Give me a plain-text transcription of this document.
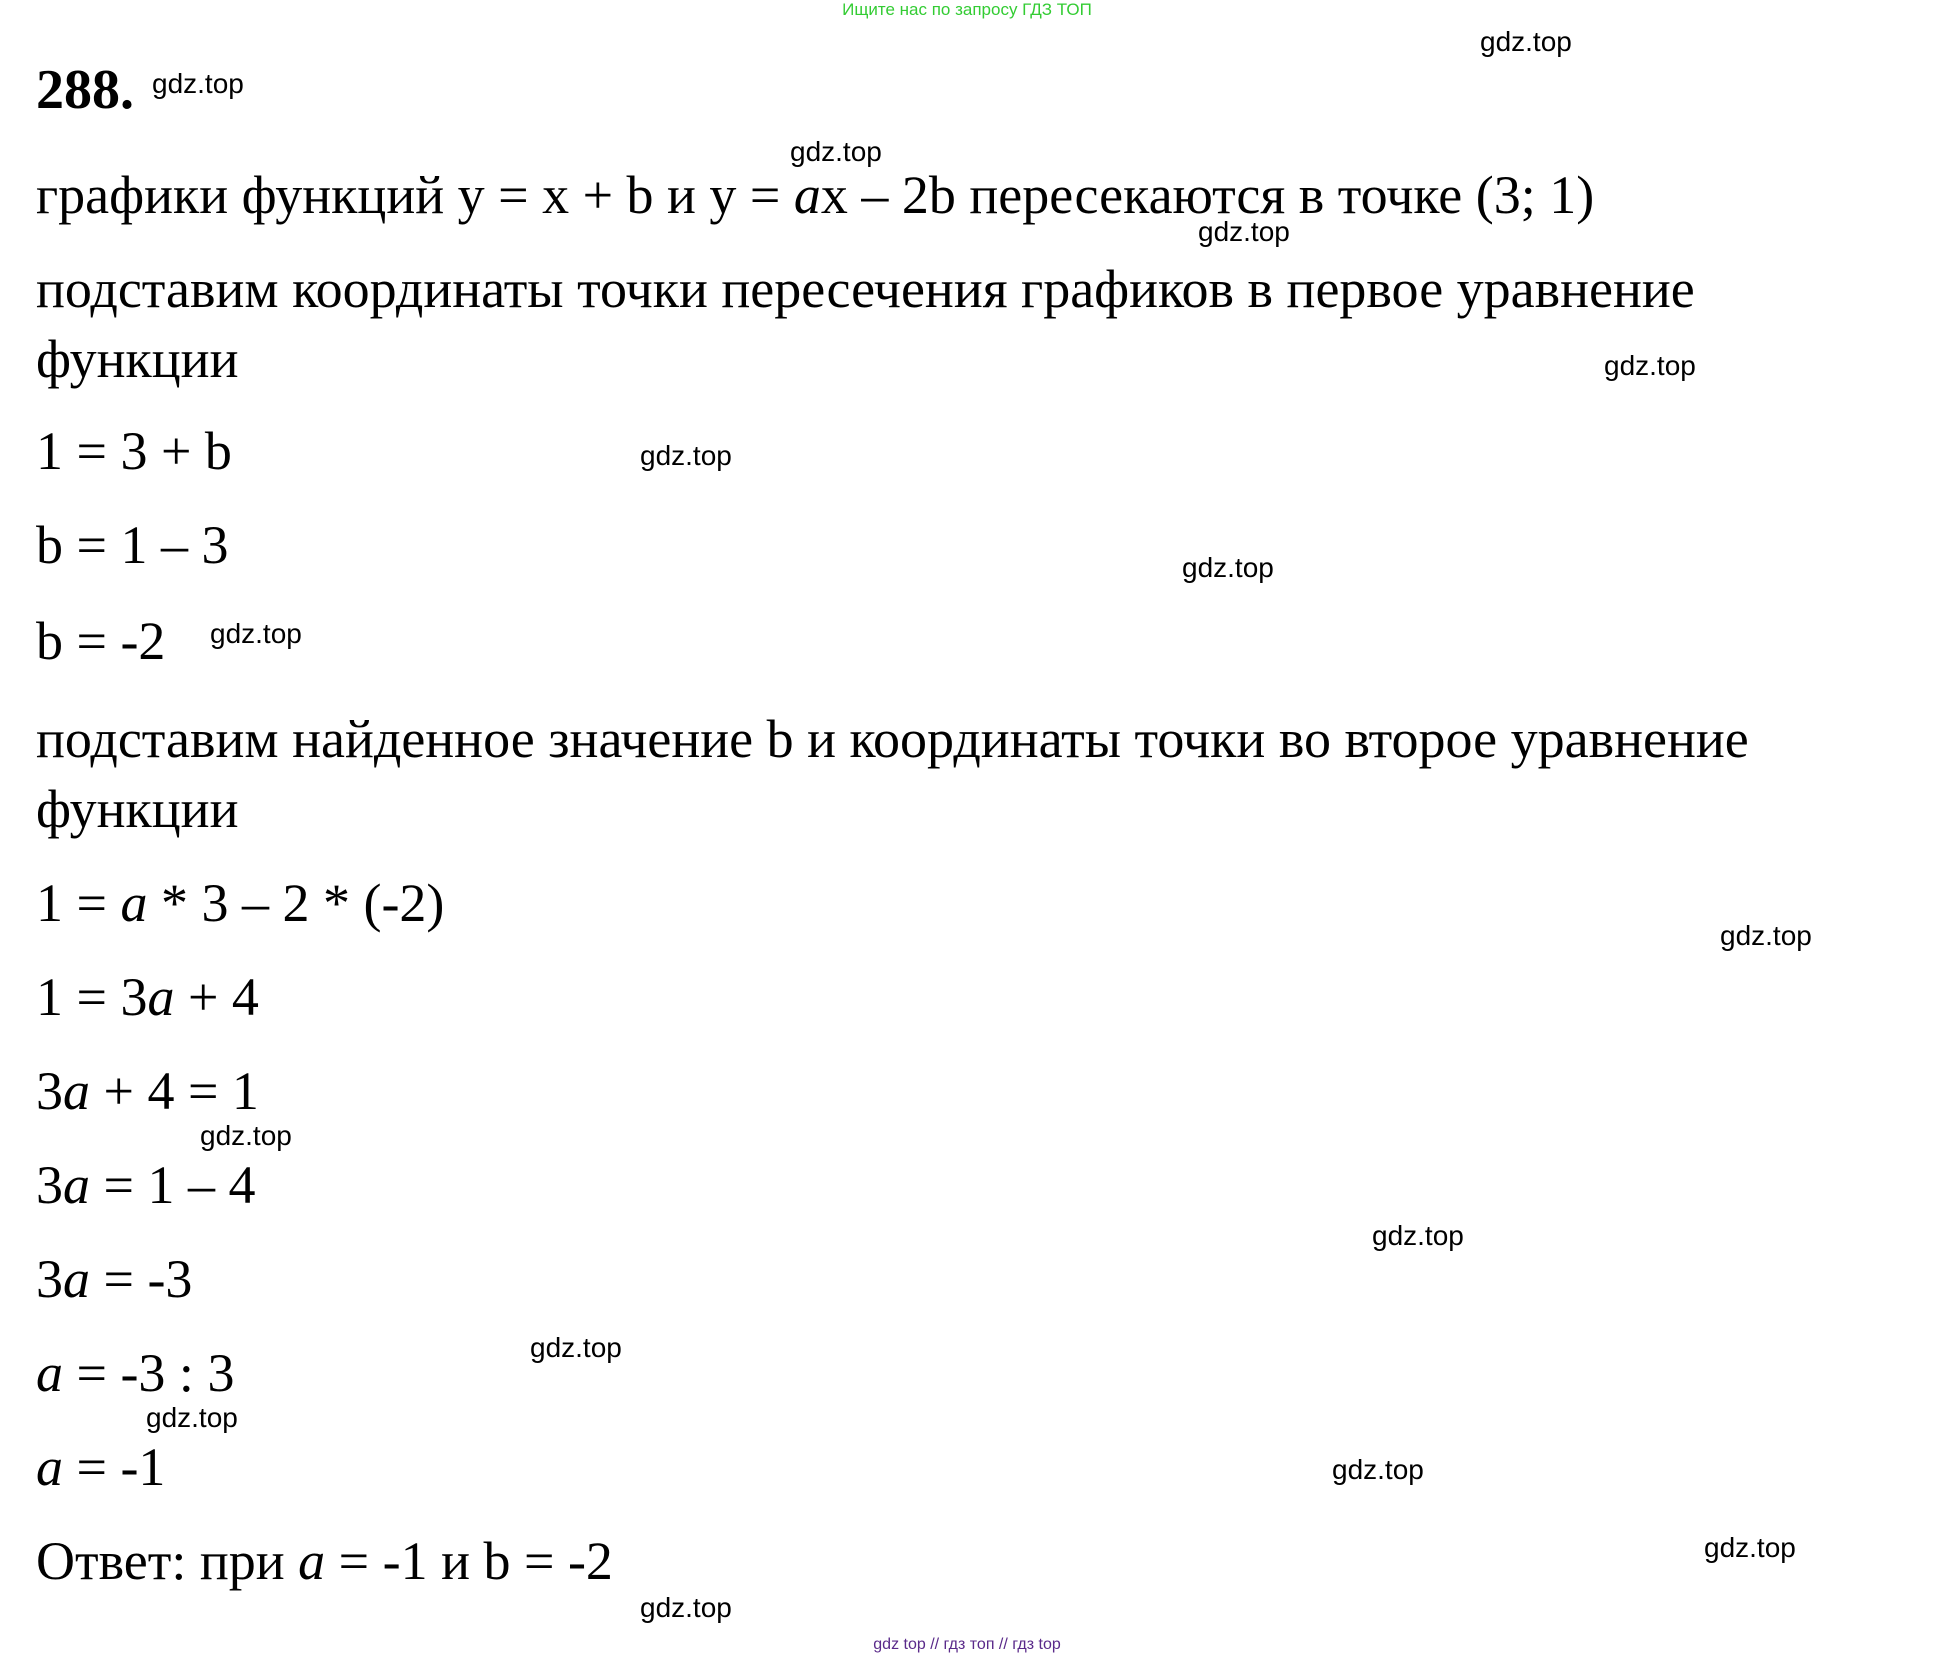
Ищите нас по запросу ГДЗ ТОП
288.
графики функций y = x + b и y = ax – 2b пересекаются в точке (3; 1)
подставим координаты точки пересечения графиков в первое уравнение
функции
1 = 3 + b
b = 1 – 3
b = -2
подставим найденное значение b и координаты точки во второе уравнение
функции
1 = a * 3 – 2 * (-2)
1 = 3a + 4
3a + 4 = 1
3a = 1 – 4
3a = -3
a = -3 : 3
a = -1
Ответ: при a = -1 и b = -2
gdz.top
gdz.top
gdz.top
gdz.top
gdz.top
gdz.top
gdz.top
gdz.top
gdz.top
gdz.top
gdz.top
gdz.top
gdz.top
gdz.top
gdz.top
gdz.top
gdz top // гдз топ // гдз top
